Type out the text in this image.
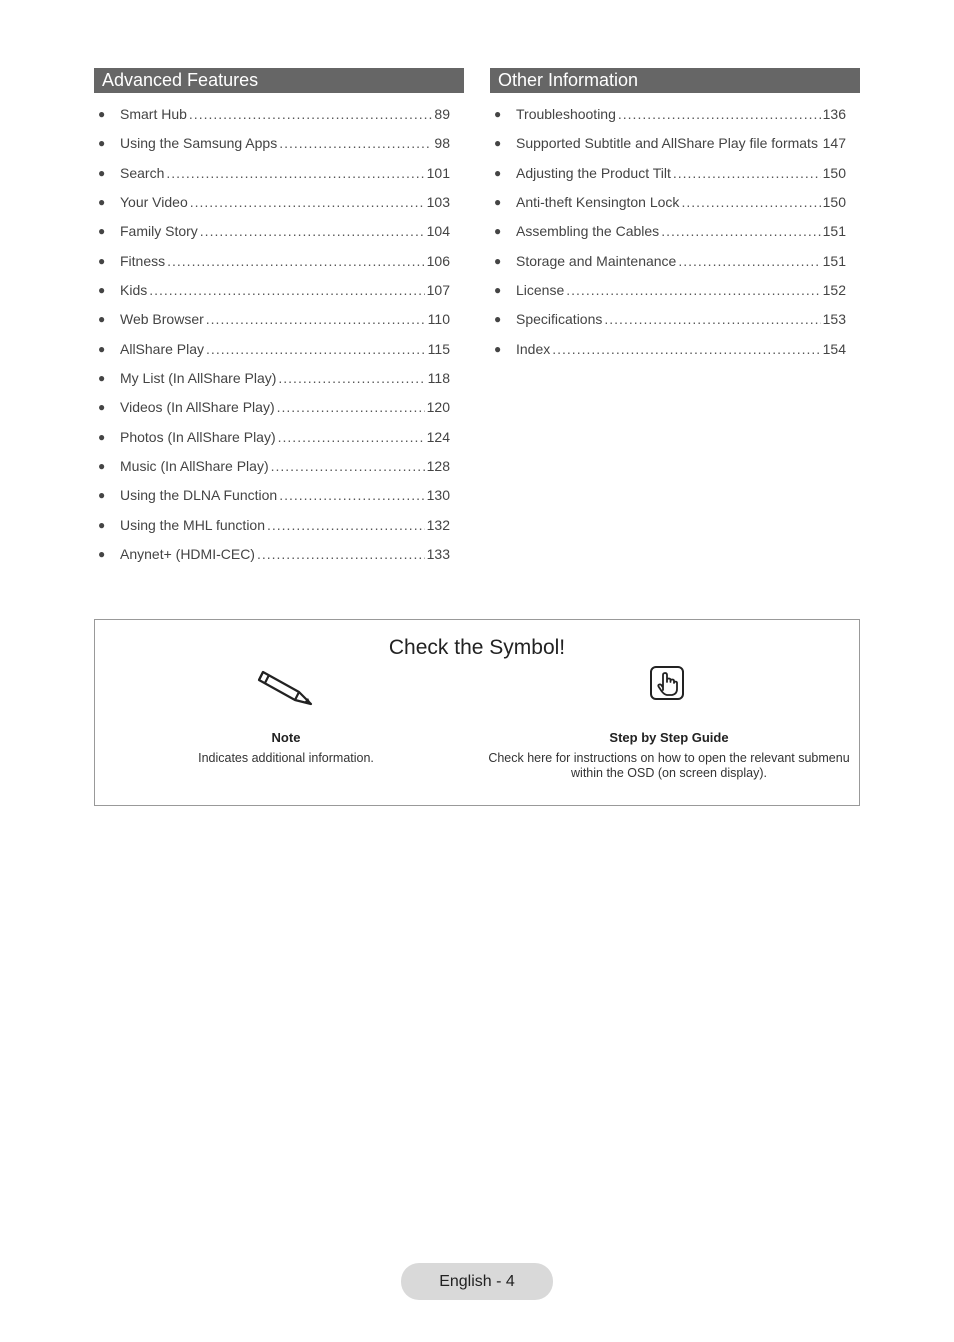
Advanced Features
● Smart Hub .....	89
● Using the Samsung Apps .....	98
● Search .....	101
● Your Video .....	103
● Family Story .....	104
● Fitness .....	106
● Kids .....	107
● Web Browser .....	110
● AllShare Play .....	115
● My List (In AllShare Play) .....	118
● Videos (In AllShare Play) .....	120
● Photos (In AllShare Play) .....	124
● Music (In AllShare Play) .....	128
● Using the DLNA Function .....	130
● Using the MHL function .....	132
● Anynet+ (HDMI-CEC) .....	133
Other Information
● Troubleshooting .....	136
● Supported Subtitle and AllShare Play file formats ..... 147
● Adjusting the Product Tilt .....	150
● Anti-theft Kensington Lock .....	150
● Assembling the Cables .....	151
● Storage and Maintenance .....	151
● License .....	152
● Specifications .....	153
● Index .....	154
Check the Symbol!
Note
Indicates additional information.
Step by Step Guide
Check here for instructions on how to open the relevant submenu
within the OSD (on screen display).
English - 4
